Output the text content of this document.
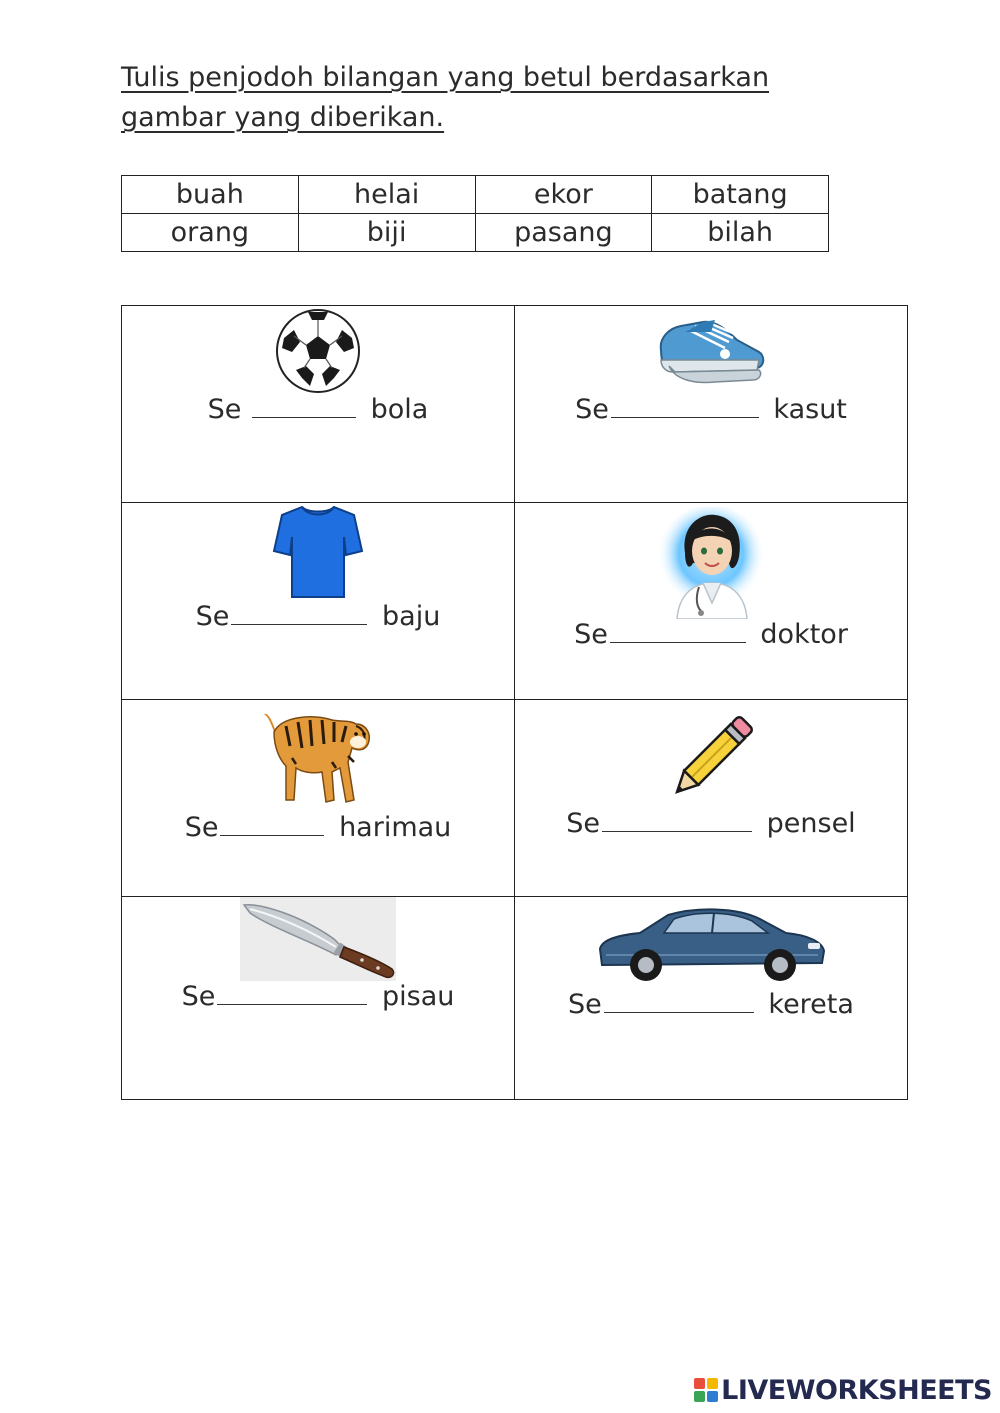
Tulis penjodoh bilangan yang betul berdasarkan gambar yang diberikan.
buah	helai	ekor	batang
orang	biji	pasang	bilah
Se bola	Se kasut

Se baju	Se doktor

Se harimau	Se pensel

Se pisau	Se kereta
LIVEWORKSHEETS
